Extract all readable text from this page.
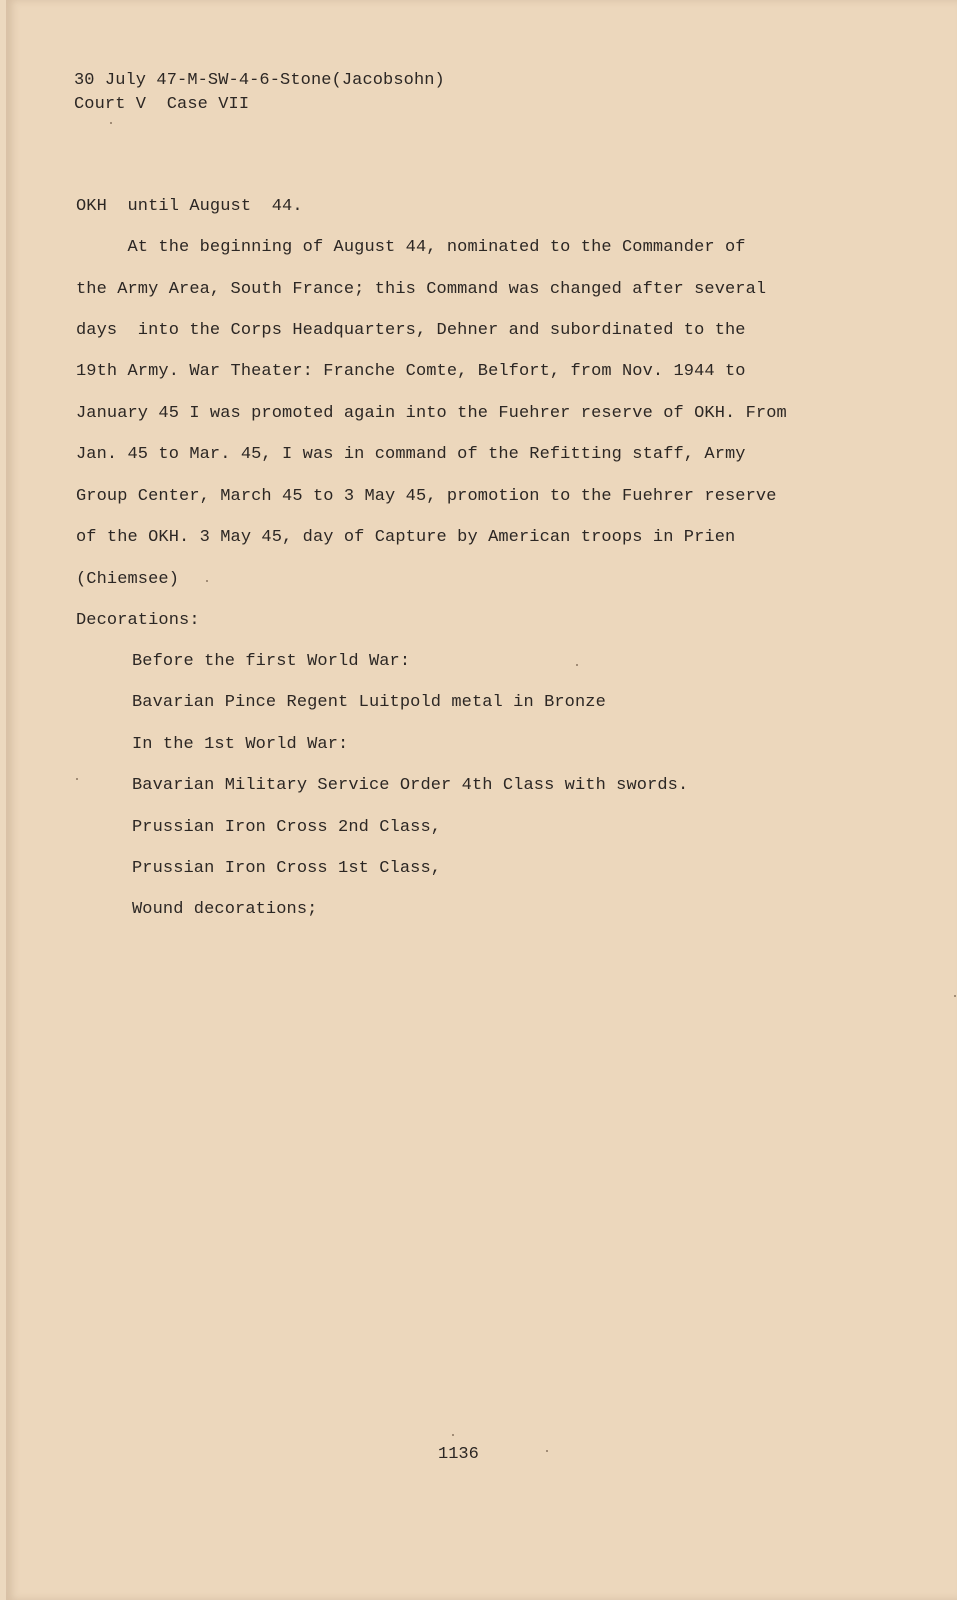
30 July 47-M-SW-4-6-Stone(Jacobsohn)
Court V  Case VII
OKH  until August  44.
At the beginning of August 44, nominated to the Commander of
the Army Area, South France; this Command was changed after several
days  into the Corps Headquarters, Dehner and subordinated to the
19th Army. War Theater: Franche Comte, Belfort, from Nov. 1944 to
January 45 I was promoted again into the Fuehrer reserve of OKH. From
Jan. 45 to Mar. 45, I was in command of the Refitting staff, Army
Group Center, March 45 to 3 May 45, promotion to the Fuehrer reserve
of the OKH. 3 May 45, day of Capture by American troops in Prien
(Chiemsee)
Decorations:
Before the first World War:
Bavarian Pince Regent Luitpold metal in Bronze
In the 1st World War:
Bavarian Military Service Order 4th Class with swords.
Prussian Iron Cross 2nd Class,
Prussian Iron Cross 1st Class,
Wound decorations;
1136
